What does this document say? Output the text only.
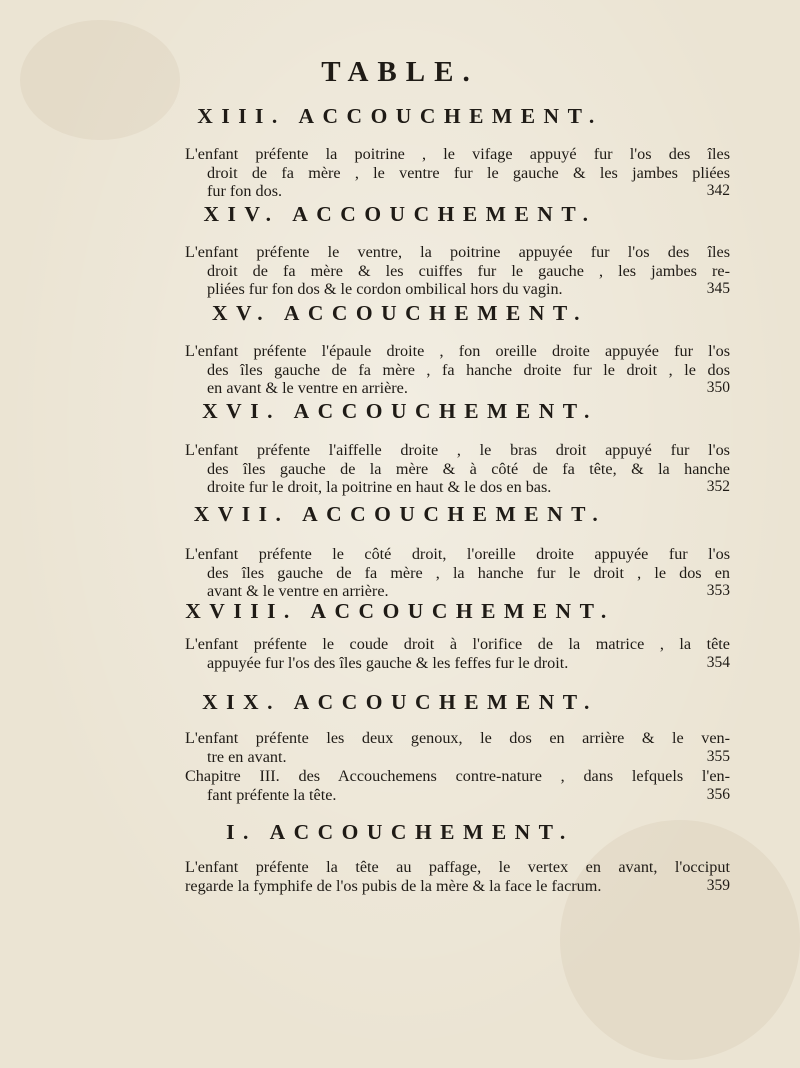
TABLE.
XIII. ACCOUCHEMENT.
L'enfant préfente la poitrine , le vifage appuyé fur l'os des îles
droit de fa mère , le ventre fur le gauche & les jambes pliées
fur fon dos.	342
XIV. ACCOUCHEMENT.
L'enfant préfente le ventre, la poitrine appuyée fur l'os des îles
droit de fa mère & les cuiffes fur le gauche , les jambes re-
pliées fur fon dos & le cordon ombilical hors du vagin.	345
XV. ACCOUCHEMENT.
L'enfant préfente l'épaule droite , fon oreille droite appuyée fur l'os
des îles gauche de fa mère , fa hanche droite fur le droit , le dos
en avant & le ventre en arrière.	350
XVI. ACCOUCHEMENT.
L'enfant préfente l'aiffelle droite , le bras droit appuyé fur l'os
des îles gauche de la mère & à côté de fa tête, & la hanche
droite fur le droit, la poitrine en haut & le dos en bas.	352
XVII. ACCOUCHEMENT.
L'enfant préfente le côté droit, l'oreille droite appuyée fur l'os
des îles gauche de fa mère , la hanche fur le droit , le dos en
avant & le ventre en arrière.	353
XVIII. ACCOUCHEMENT.
L'enfant préfente le coude droit à l'orifice de la matrice , la tête
appuyée fur l'os des îles gauche & les feffes fur le droit.	354
XIX. ACCOUCHEMENT.
L'enfant préfente les deux genoux, le dos en arrière & le ven-
tre en avant.	355
Chapitre III. des Accouchemens contre-nature , dans lefquels l'en-
fant préfente la tête.	356
I. ACCOUCHEMENT.
L'enfant préfente la tête au paffage, le vertex en avant, l'occiput
regarde la fymphife de l'os pubis de la mère & la face le facrum.	359
